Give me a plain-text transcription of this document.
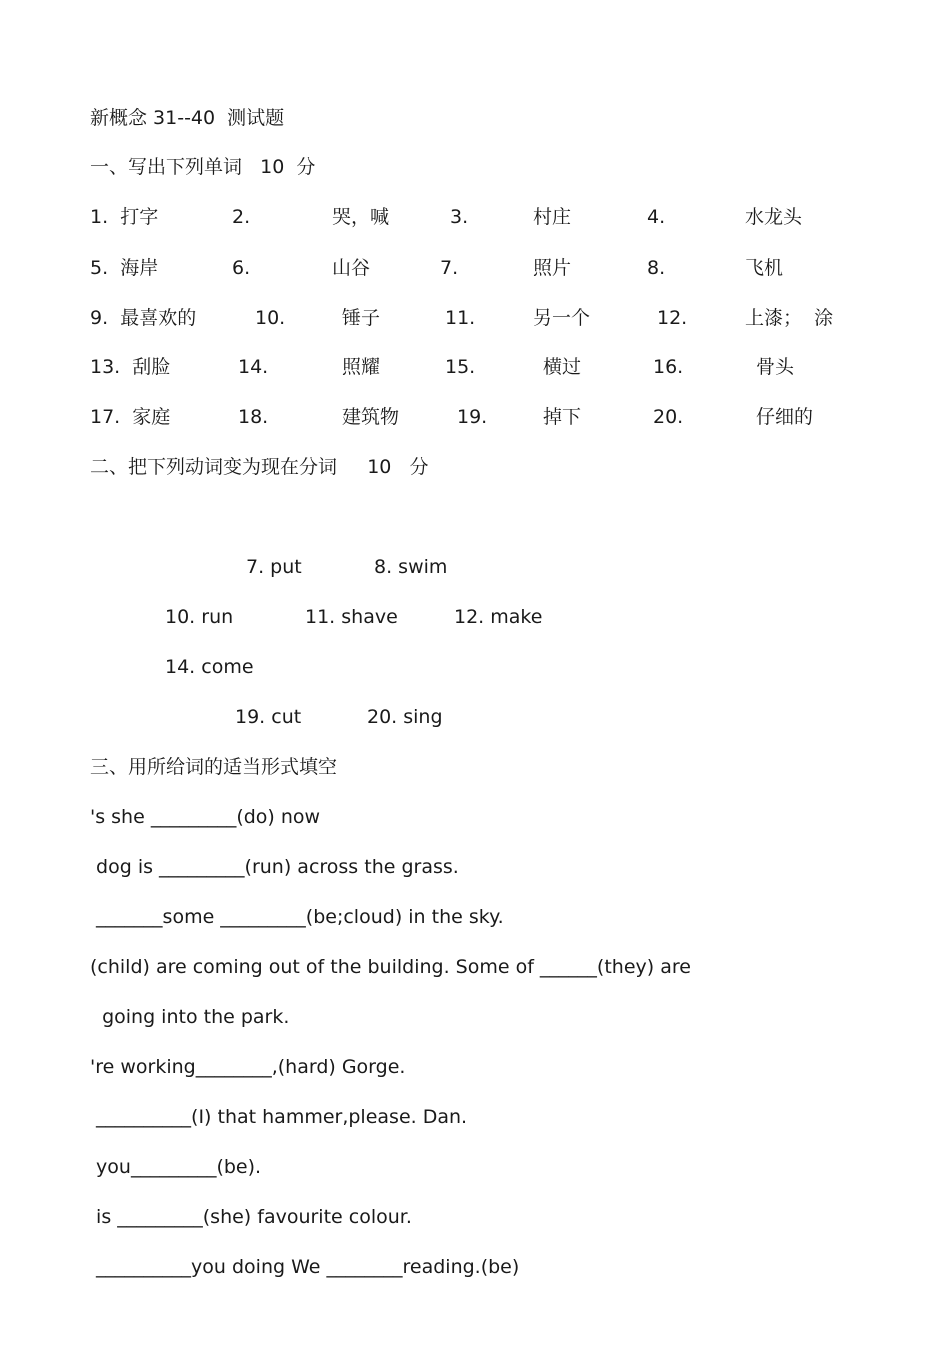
新概念 31--40  测试题
一、写出下列单词   10  分
1.  打字	2.	哭，喊	3.	村庄	4.	水龙头
5.  海岸	6.	山谷	7.	照片	8.	飞机
9.  最喜欢的	10.	锤子	11.	另一个	12.	上漆；  涂
13.  刮脸	14.	照耀	15.	横过	16.	骨头
17.  家庭	18.	建筑物	19.	掉下	20.	仔细的
二、把下列动词变为现在分词     10   分
7. put	8. swim
10. run	11. shave	12. make
14. come
19. cut	20. sing
三、用所给词的适当形式填空
's she _________(do) now
dog is _________(run) across the grass.
_______some _________(be;cloud) in the sky.
(child) are coming out of the building. Some of ______(they) are
going into the park.
're working________,(hard) Gorge.
__________(I) that hammer,please. Dan.
you_________(be).
is _________(she) favourite colour.
__________you doing We ________reading.(be)
